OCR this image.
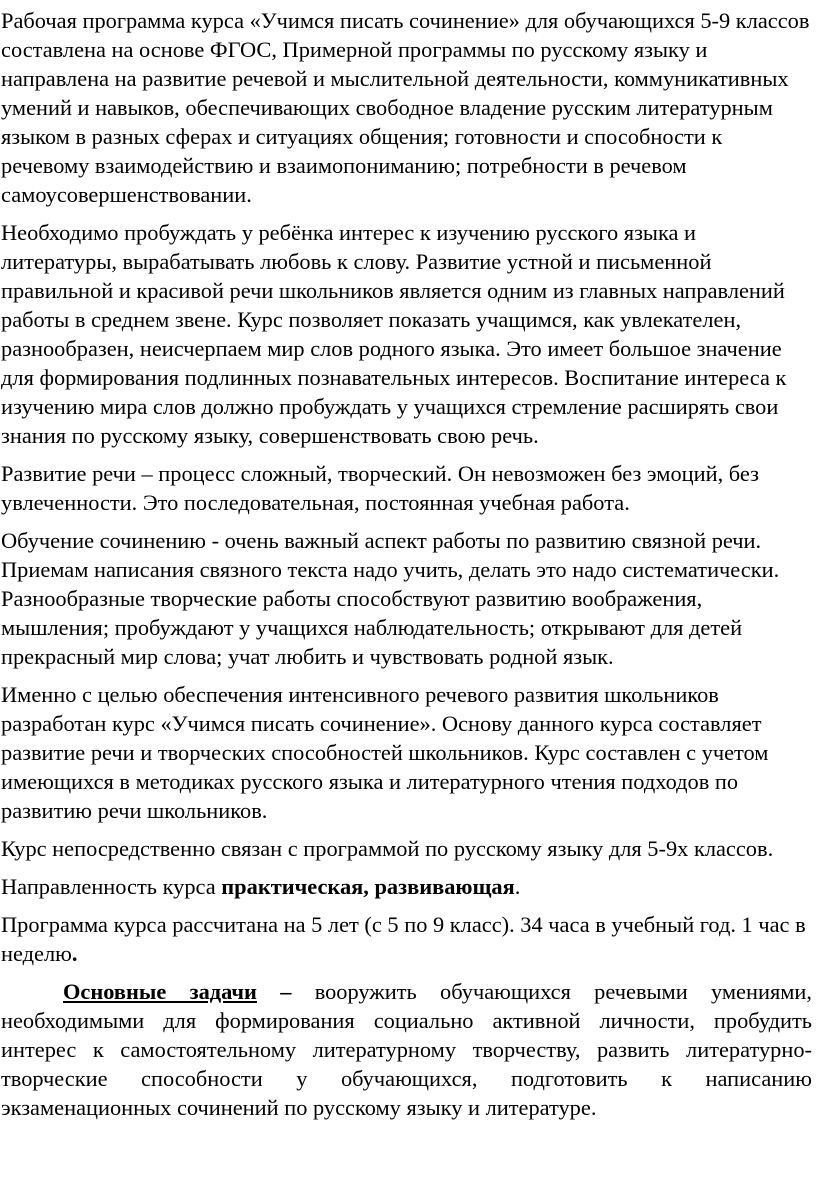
Рабочая программа курса «Учимся писать сочинение» для обучающихся 5-9 классов составлена на основе ФГОС, Примерной программы по русскому языку и направлена на развитие речевой и мыслительной деятельности, коммуникативных умений и навыков, обеспечивающих свободное владение русским литературным языком в разных сферах и ситуациях общения; готовности и способности к речевому взаимодействию и взаимопониманию; потребности в речевом самоусовершенствовании.

Необходимо пробуждать у ребёнка интерес к изучению русского языка и литературы, вырабатывать любовь к слову. Развитие устной и письменной правильной и красивой речи школьников является одним из главных направлений работы в среднем звене. Курс позволяет показать учащимся, как увлекателен, разнообразен, неисчерпаем мир слов родного языка. Это имеет большое значение для формирования подлинных познавательных интересов. Воспитание интереса к изучению мира слов должно пробуждать у учащихся стремление расширять свои знания по русскому языку, совершенствовать свою речь.

Развитие речи – процесс сложный, творческий. Он невозможен без эмоций, без увлеченности. Это последовательная, постоянная учебная работа.

Обучение сочинению - очень важный аспект работы по развитию связной речи. Приемам написания связного текста надо учить, делать это надо систематически. Разнообразные творческие работы способствуют развитию воображения, мышления; пробуждают у учащихся наблюдательность; открывают для детей прекрасный мир слова; учат любить и чувствовать родной язык.

Именно с целью обеспечения интенсивного речевого развития школьников разработан курс «Учимся писать сочинение». Основу данного курса составляет развитие речи и творческих способностей школьников. Курс составлен с учетом имеющихся в методиках русского языка и литературного чтения подходов по развитию речи школьников.

Курс непосредственно связан с программой по русскому языку для 5-9х классов.

Направленность курса практическая, развивающая.

Программа курса рассчитана на 5 лет (с 5 по 9 класс). 34 часа в учебный год. 1 час в неделю.

Основные задачи – вооружить обучающихся речевыми умениями, необходимыми для формирования социально активной личности, пробудить интерес к самостоятельному литературному творчеству, развить литературно-творческие способности у обучающихся, подготовить к написанию экзаменационных сочинений по русскому языку и литературе.
